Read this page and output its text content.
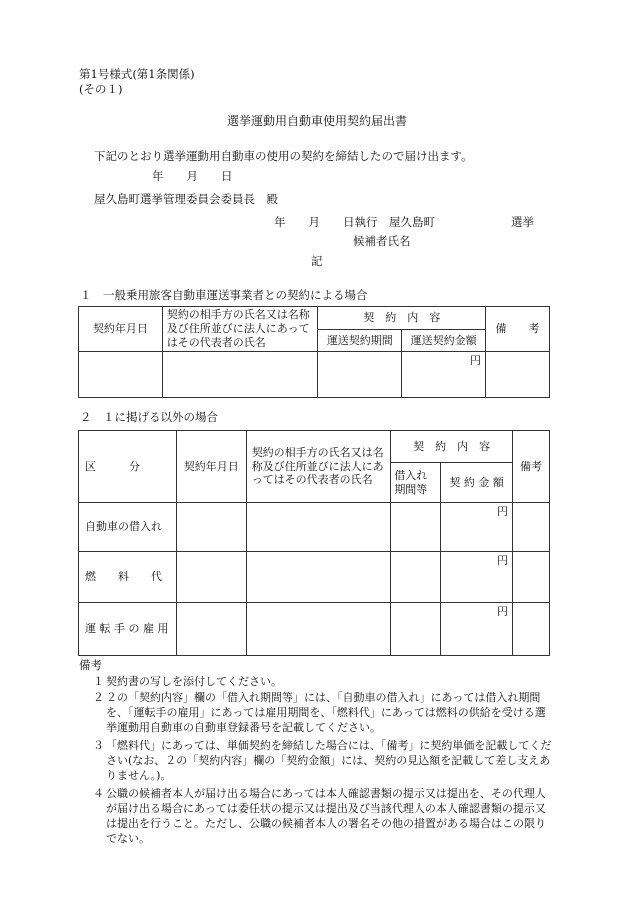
第1号様式(第1条関係)
(その１)
選挙運動用自動車使用契約届出書
下記のとおり選挙運動用自動車の使用の契約を締結したので届け出ます。
年　　月　　日
屋久島町選挙管理委員会委員長　殿
年　　月　　日執行　屋久島町	選挙
候補者氏名
記
１　一般乗用旅客自動車運送事業者との契約による場合
契約年月日	契約の相手方の氏名又は名称及び住所並びに法人にあってはその代表者の氏名	契　約　内　容		備　　考
		運送契約期間	運送契約金額	
			円	
２　１に掲げる以外の場合
区　　　分	契約年月日	契約の相手方の氏名又は名称及び住所並びに法人にあってはその代表者の氏名	契　約　内　容		備考
			借入れ期間等	契 約 金 額	
自動車の借入れ				円	
燃　　料　　代				円	
運 転 手 の 雇 用				円	
備考
１ 契約書の写しを添付してください。
２ ２の「契約内容」欄の「借入れ期間等」には、「自動車の借入れ」にあっては借入れ期間を、「運転手の雇用」にあっては雇用期間を、「燃料代」にあっては燃料の供給を受ける選挙運動用自動車の自動車登録番号を記載してください。
３ 「燃料代」にあっては、単価契約を締結した場合には、「備考」に契約単価を記載してください(なお、２の「契約内容」欄の「契約金額」には、契約の見込額を記載して差し支えありません。)。
４ 公職の候補者本人が届け出る場合にあっては本人確認書類の提示又は提出を、その代理人が届け出る場合にあっては委任状の提示又は提出及び当該代理人の本人確認書類の提示又は提出を行うこと。ただし、公職の候補者本人の署名その他の措置がある場合はこの限りでない。
